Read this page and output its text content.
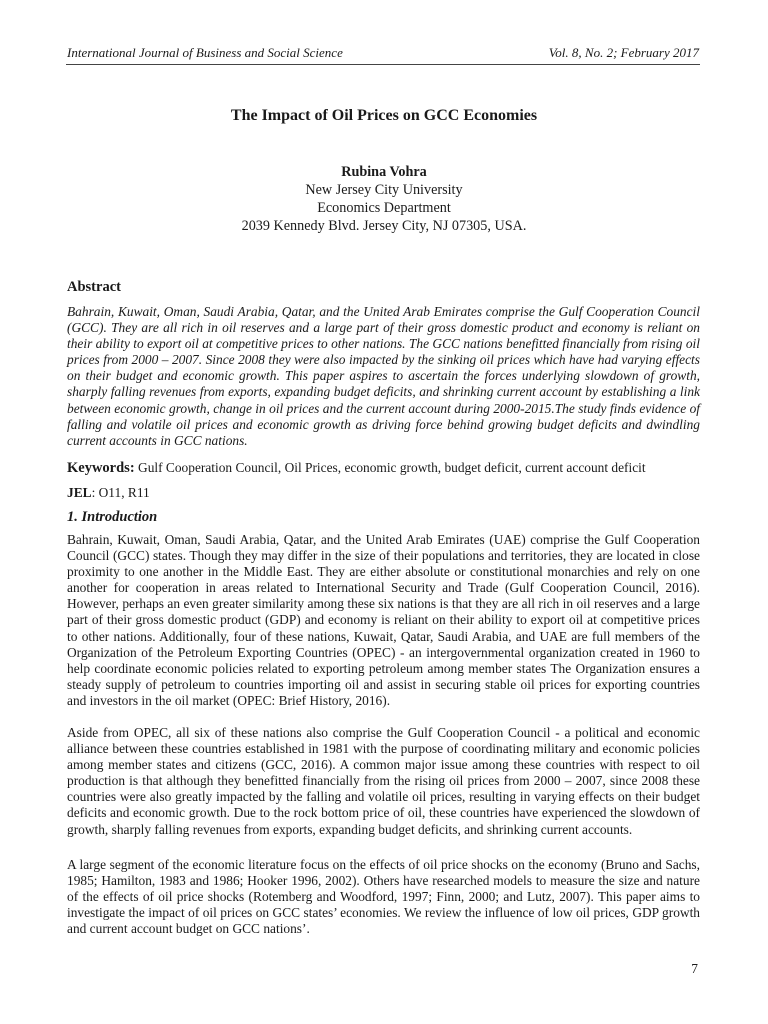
International Journal of Business and Social Science	Vol. 8, No. 2; February 2017
The Impact of Oil Prices on GCC Economies
Rubina Vohra
New Jersey City University
Economics Department
2039 Kennedy Blvd. Jersey City, NJ 07305, USA.
Abstract

Bahrain, Kuwait, Oman, Saudi Arabia, Qatar, and the United Arab Emirates comprise the Gulf Cooperation Council (GCC). They are all rich in oil reserves and a large part of their gross domestic product and economy is reliant on their ability to export oil at competitive prices to other nations. The GCC nations benefitted financially from rising oil prices from 2000 – 2007. Since 2008 they were also impacted by the sinking oil prices which have had varying effects on their budget and economic growth. This paper aspires to ascertain the forces underlying slowdown of growth, sharply falling revenues from exports, expanding budget deficits, and shrinking current account by establishing a link between economic growth, change in oil prices and the current account during 2000-2015.The study finds evidence of falling and volatile oil prices and economic growth as driving force behind growing budget deficits and dwindling current accounts in GCC nations.

Keywords: Gulf Cooperation Council, Oil Prices, economic growth, budget deficit, current account deficit
JEL: O11, R11
1. Introduction

Bahrain, Kuwait, Oman, Saudi Arabia, Qatar, and the United Arab Emirates (UAE) comprise the Gulf Cooperation Council (GCC) states. Though they may differ in the size of their populations and territories, they are located in close proximity to one another in the Middle East. They are either absolute or constitutional monarchies and rely on one another for cooperation in areas related to International Security and Trade (Gulf Cooperation Council, 2016). However, perhaps an even greater similarity among these six nations is that they are all rich in oil reserves and a large part of their gross domestic product (GDP) and economy is reliant on their ability to export oil at competitive prices to other nations. Additionally, four of these nations, Kuwait, Qatar, Saudi Arabia, and UAE are full members of the Organization of the Petroleum Exporting Countries (OPEC) - an intergovernmental organization created in 1960 to help coordinate economic policies related to exporting petroleum among member states The Organization ensures a steady supply of petroleum to countries importing oil and assist in securing stable oil prices for exporting countries and investors in the oil market (OPEC: Brief History, 2016).

Aside from OPEC, all six of these nations also comprise the Gulf Cooperation Council - a political and economic alliance between these countries established in 1981 with the purpose of coordinating military and economic policies among member states and citizens (GCC, 2016). A common major issue among these countries with respect to oil production is that although they benefitted financially from the rising oil prices from 2000 – 2007, since 2008 these countries were also greatly impacted by the falling and volatile oil prices, resulting in varying effects on their budget deficits and economic growth. Due to the rock bottom price of oil, these countries have experienced the slowdown of growth, sharply falling revenues from exports, expanding budget deficits, and shrinking current accounts.

A large segment of the economic literature focus on the effects of oil price shocks on the economy (Bruno and Sachs, 1985; Hamilton, 1983 and 1986; Hooker 1996, 2002). Others have researched models to measure the size and nature of the effects of oil price shocks (Rotemberg and Woodford, 1997; Finn, 2000; and Lutz, 2007). This paper aims to investigate the impact of oil prices on GCC states’ economies. We review the influence of low oil prices, GDP growth and current account budget on GCC nations’.

7
